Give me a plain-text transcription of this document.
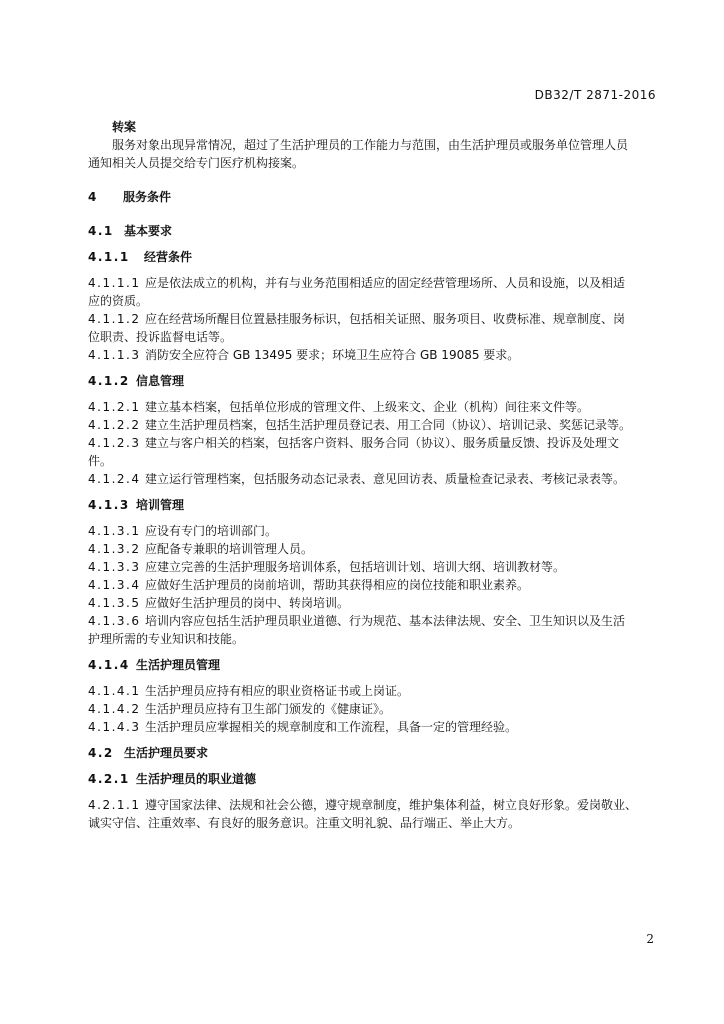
DB32/T 2871-2016
转案
服务对象出现异常情况，超过了生活护理员的工作能力与范围，由生活护理员或服务单位管理人员
通知相关人员提交给专门医疗机构接案。
4 服务条件
4.1 基本要求
4.1.1 经营条件
4.1.1.1 应是依法成立的机构，并有与业务范围相适应的固定经营管理场所、人员和设施，以及相适
应的资质。
4.1.1.2 应在经营场所醒目位置悬挂服务标识，包括相关证照、服务项目、收费标准、规章制度、岗
位职责、投诉监督电话等。
4.1.1.3 消防安全应符合 GB 13495 要求；环境卫生应符合 GB 19085 要求。
4.1.2 信息管理
4.1.2.1 建立基本档案，包括单位形成的管理文件、上级来文、企业（机构）间往来文件等。
4.1.2.2 建立生活护理员档案，包括生活护理员登记表、用工合同（协议）、培训记录、奖惩记录等。
4.1.2.3 建立与客户相关的档案，包括客户资料、服务合同（协议）、服务质量反馈、投诉及处理文
件。
4.1.2.4 建立运行管理档案，包括服务动态记录表、意见回访表、质量检查记录表、考核记录表等。
4.1.3 培训管理
4.1.3.1 应设有专门的培训部门。
4.1.3.2 应配备专兼职的培训管理人员。
4.1.3.3 应建立完善的生活护理服务培训体系，包括培训计划、培训大纲、培训教材等。
4.1.3.4 应做好生活护理员的岗前培训，帮助其获得相应的岗位技能和职业素养。
4.1.3.5 应做好生活护理员的岗中、转岗培训。
4.1.3.6 培训内容应包括生活护理员职业道德、行为规范、基本法律法规、安全、卫生知识以及生活
护理所需的专业知识和技能。
4.1.4 生活护理员管理
4.1.4.1 生活护理员应持有相应的职业资格证书或上岗证。
4.1.4.2 生活护理员应持有卫生部门颁发的《健康证》。
4.1.4.3 生活护理员应掌握相关的规章制度和工作流程，具备一定的管理经验。
4.2 生活护理员要求
4.2.1 生活护理员的职业道德
4.2.1.1 遵守国家法律、法规和社会公德，遵守规章制度，维护集体利益，树立良好形象。爱岗敬业、
诚实守信、注重效率、有良好的服务意识。注重文明礼貌、品行端正、举止大方。
2
